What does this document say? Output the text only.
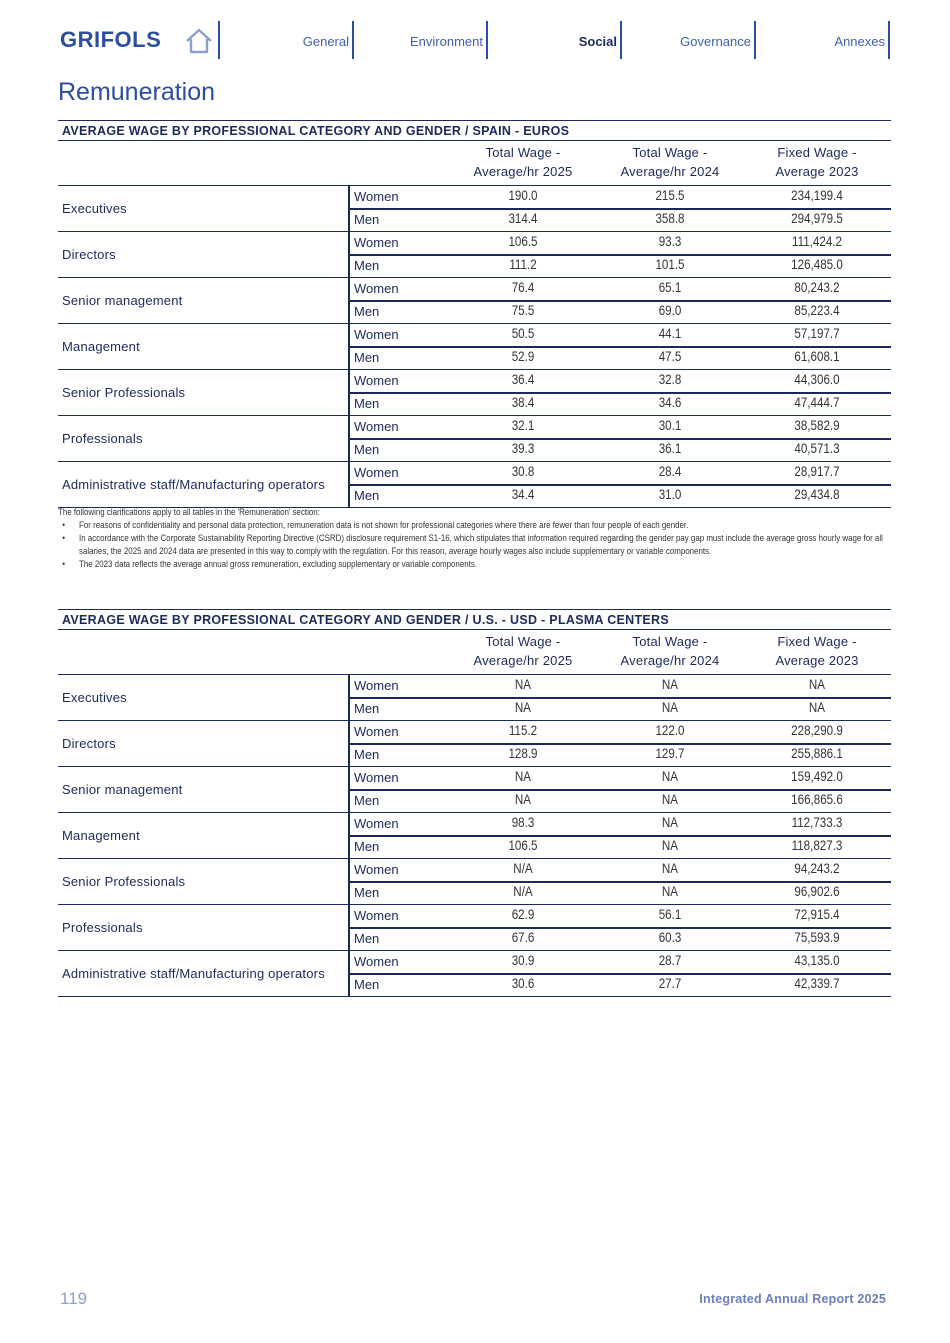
GRIFOLS	General	Environment	Social	Governance	Annexes
Remuneration
AVERAGE WAGE BY PROFESSIONAL CATEGORY AND GENDER / SPAIN - EUROS
Total Wage -
Average/hr 2025
Total Wage -
Average/hr 2024
Fixed Wage -
Average 2023
Executives
Women	190.0	215.5	234,199.4
Men	314.4	358.8	294,979.5
Directors
Women	106.5	93.3	111,424.2
Men	111.2	101.5	126,485.0
Senior management
Women	76.4	65.1	80,243.2
Men	75.5	69.0	85,223.4
Management
Women	50.5	44.1	57,197.7
Men	52.9	47.5	61,608.1
Senior Professionals
Women	36.4	32.8	44,306.0
Men	38.4	34.6	47,444.7
Professionals
Women	32.1	30.1	38,582.9
Men	39.3	36.1	40,571.3
Administrative staff/Manufacturing operators
Women	30.8	28.4	28,917.7
Men	34.4	31.0	29,434.8
The following clarifications apply to all tables in the 'Remuneration' section:
• For reasons of confidentiality and personal data protection, remuneration data is not shown for professional categories where there are fewer than four people of each gender.
• In accordance with the Corporate Sustainability Reporting Directive (CSRD) disclosure requirement S1-16, which stipulates that information required regarding the gender pay gap must include the average gross hourly wage for all salaries, the 2025 and 2024 data are presented in this way to comply with the regulation. For this reason, average hourly wages also include supplementary or variable components.
• The 2023 data reflects the average annual gross remuneration, excluding supplementary or variable components.
AVERAGE WAGE BY PROFESSIONAL CATEGORY AND GENDER / U.S. - USD - PLASMA CENTERS
Total Wage -
Average/hr 2025
Total Wage -
Average/hr 2024
Fixed Wage -
Average 2023
Executives
Women	NA	NA	NA
Men	NA	NA	NA
Directors
Women	115.2	122.0	228,290.9
Men	128.9	129.7	255,886.1
Senior management
Women	NA	NA	159,492.0
Men	NA	NA	166,865.6
Management
Women	98.3	NA	112,733.3
Men	106.5	NA	118,827.3
Senior Professionals
Women	N/A	NA	94,243.2
Men	N/A	NA	96,902.6
Professionals
Women	62.9	56.1	72,915.4
Men	67.6	60.3	75,593.9
Administrative staff/Manufacturing operators
Women	30.9	28.7	43,135.0
Men	30.6	27.7	42,339.7
119	Integrated Annual Report 2025
